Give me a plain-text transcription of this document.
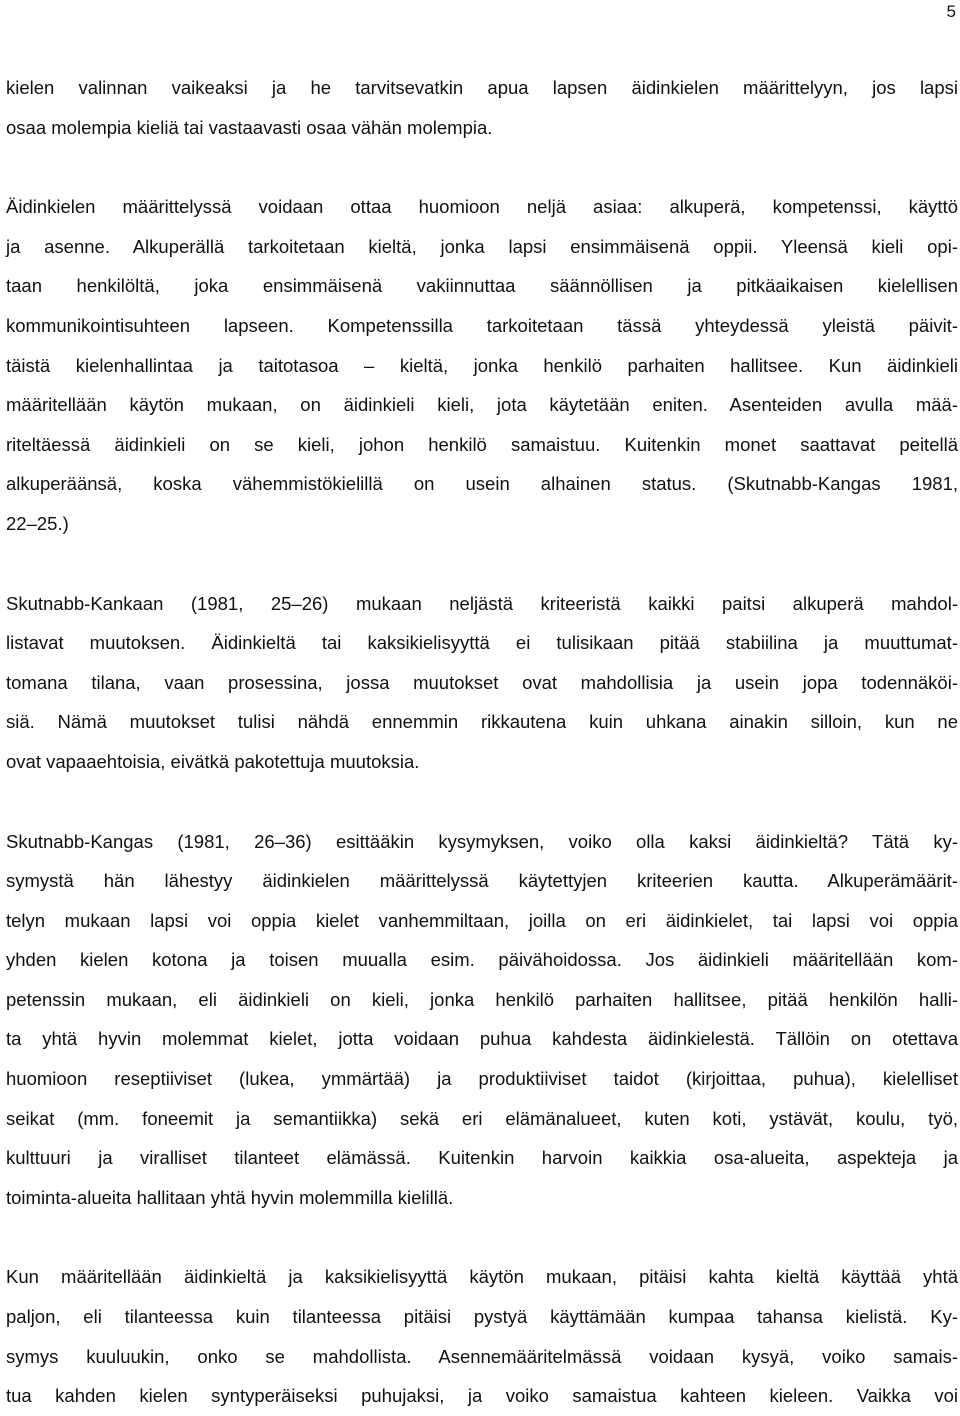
5
kielen valinnan vaikeaksi ja he tarvitsevatkin apua lapsen äidinkielen määrittelyyn, jos lapsi
osaa molempia kieliä tai vastaavasti osaa vähän molempia.
Äidinkielen määrittelyssä voidaan ottaa huomioon neljä asiaa: alkuperä, kompetenssi, käyttö
ja asenne. Alkuperällä tarkoitetaan kieltä, jonka lapsi ensimmäisenä oppii. Yleensä kieli opi-
taan henkilöltä, joka ensimmäisenä vakiinnuttaa säännöllisen ja pitkäaikaisen kielellisen
kommunikointisuhteen lapseen. Kompetenssilla tarkoitetaan tässä yhteydessä yleistä päivit-
täistä kielenhallintaa ja taitotasoa – kieltä, jonka henkilö parhaiten hallitsee. Kun äidinkieli
määritellään käytön mukaan, on äidinkieli kieli, jota käytetään eniten. Asenteiden avulla mää-
riteltäessä äidinkieli on se kieli, johon henkilö samaistuu. Kuitenkin monet saattavat peitellä
alkuperäänsä, koska vähemmistökielillä on usein alhainen status. (Skutnabb-Kangas 1981,
22–25.)
Skutnabb-Kankaan (1981, 25–26) mukaan neljästä kriteeristä kaikki paitsi alkuperä mahdol-
listavat muutoksen. Äidinkieltä tai kaksikielisyyttä ei tulisikaan pitää stabiilina ja muuttumat-
tomana tilana, vaan prosessina, jossa muutokset ovat mahdollisia ja usein jopa todennäköi-
siä. Nämä muutokset tulisi nähdä ennemmin rikkautena kuin uhkana ainakin silloin, kun ne
ovat vapaaehtoisia, eivätkä pakotettuja muutoksia.
Skutnabb-Kangas (1981, 26–36) esittääkin kysymyksen, voiko olla kaksi äidinkieltä? Tätä ky-
symystä hän lähestyy äidinkielen määrittelyssä käytettyjen kriteerien kautta. Alkuperämäärit-
telyn mukaan lapsi voi oppia kielet vanhemmiltaan, joilla on eri äidinkielet, tai lapsi voi oppia
yhden kielen kotona ja toisen muualla esim. päivähoidossa. Jos äidinkieli määritellään kom-
petenssin mukaan, eli äidinkieli on kieli, jonka henkilö parhaiten hallitsee, pitää henkilön halli-
ta yhtä hyvin molemmat kielet, jotta voidaan puhua kahdesta äidinkielestä. Tällöin on otettava
huomioon reseptiiviset (lukea, ymmärtää) ja produktiiviset taidot (kirjoittaa, puhua), kielelliset
seikat (mm. foneemit ja semantiikka) sekä eri elämänalueet, kuten koti, ystävät, koulu, työ,
kulttuuri ja viralliset tilanteet elämässä. Kuitenkin harvoin kaikkia osa-alueita, aspekteja ja
toiminta-alueita hallitaan yhtä hyvin molemmilla kielillä.
Kun määritellään äidinkieltä ja kaksikielisyyttä käytön mukaan, pitäisi kahta kieltä käyttää yhtä
paljon, eli tilanteessa kuin tilanteessa pitäisi pystyä käyttämään kumpaa tahansa kielistä. Ky-
symys kuuluukin, onko se mahdollista. Asennemääritelmässä voidaan kysyä, voiko samais-
tua kahden kielen syntyperäiseksi puhujaksi, ja voiko samaistua kahteen kieleen. Vaikka voi
